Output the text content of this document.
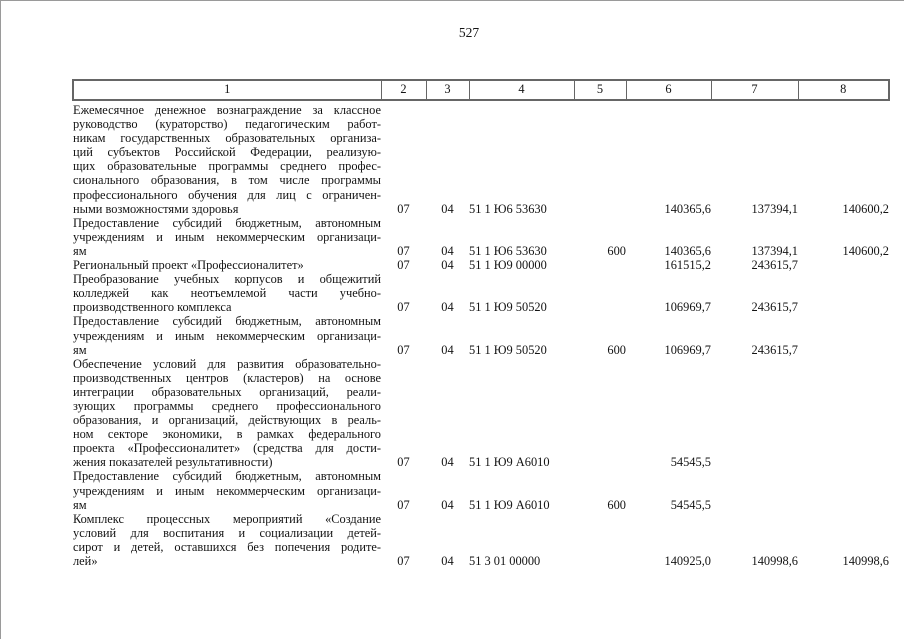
527
1	2	3	4	5	6	7	8

Ежемесячное денежное вознаграждение за классное
руководство (кураторство) педагогическим работ-
никам государственных образовательных организа-
ций субъектов Российской Федерации, реализую-
щих образовательные программы среднего профес-
сионального образования, в том числе программы
профессионального обучения для лиц с ограничен-
ными возможностями здоровья	07	04	51 1 Ю6 53630		140365,6	137394,1	140600,2

Предоставление субсидий бюджетным, автономным
учреждениям и иным некоммерческим организаци-
ям	07	04	51 1 Ю6 53630	600	140365,6	137394,1	140600,2

Региональный проект «Профессионалитет»	07	04	51 1 Ю9 00000		161515,2	243615,7	

Преобразование учебных корпусов и общежитий
колледжей как неотъемлемой части учебно-
производственного комплекса	07	04	51 1 Ю9 50520		106969,7	243615,7	

Предоставление субсидий бюджетным, автономным
учреждениям и иным некоммерческим организаци-
ям	07	04	51 1 Ю9 50520	600	106969,7	243615,7	

Обеспечение условий для развития образовательно-
производственных центров (кластеров) на основе
интеграции образовательных организаций, реали-
зующих программы среднего профессионального
образования, и организаций, действующих в реаль-
ном секторе экономики, в рамках федерального
проекта «Профессионалитет» (средства для дости-
жения показателей результативности)	07	04	51 1 Ю9 А6010		54545,5		

Предоставление субсидий бюджетным, автономным
учреждениям и иным некоммерческим организаци-
ям	07	04	51 1 Ю9 А6010	600	54545,5		

Комплекс процессных мероприятий «Создание
условий для воспитания и социализации детей-
сирот и детей, оставшихся без попечения родите-
лей»	07	04	51 3 01 00000		140925,0	140998,6	140998,6
